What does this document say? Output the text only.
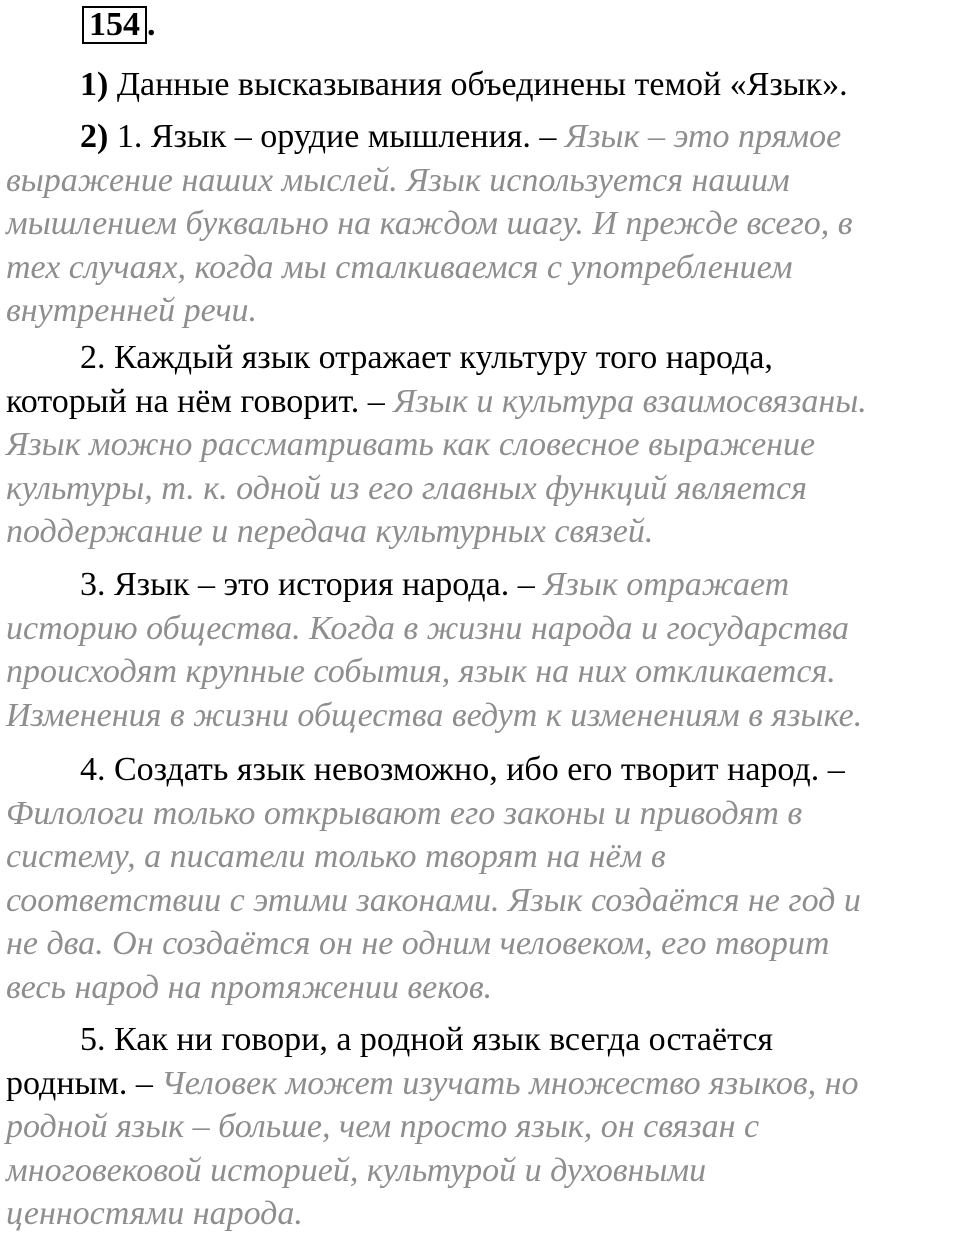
154 .

1) Данные высказывания объединены темой «Язык».

2) 1. Язык – орудие мышления. – Язык – это прямое
выражение наших мыслей. Язык используется нашим
мышлением буквально на каждом шагу. И прежде всего, в
тех случаях, когда мы сталкиваемся с употреблением
внутренней речи.

2. Каждый язык отражает культуру того народа,
который на нём говорит. – Язык и культура взаимосвязаны.
Язык можно рассматривать как словесное выражение
культуры, т. к. одной из его главных функций является
поддержание и передача культурных связей.

3. Язык – это история народа. – Язык отражает
историю общества. Когда в жизни народа и государства
происходят крупные события, язык на них откликается.
Изменения в жизни общества ведут к изменениям в языке.

4. Создать язык невозможно, ибо его творит народ. –
Филологи только открывают его законы и приводят в
систему, а писатели только творят на нём в
соответствии с этими законами. Язык создаётся не год и
не два. Он создаётся он не одним человеком, его творит
весь народ на протяжении веков.

5. Как ни говори, а родной язык всегда остаётся
родным. – Человек может изучать множество языков, но
родной язык – больше, чем просто язык, он связан с
многовековой историей, культурой и духовными
ценностями народа.
